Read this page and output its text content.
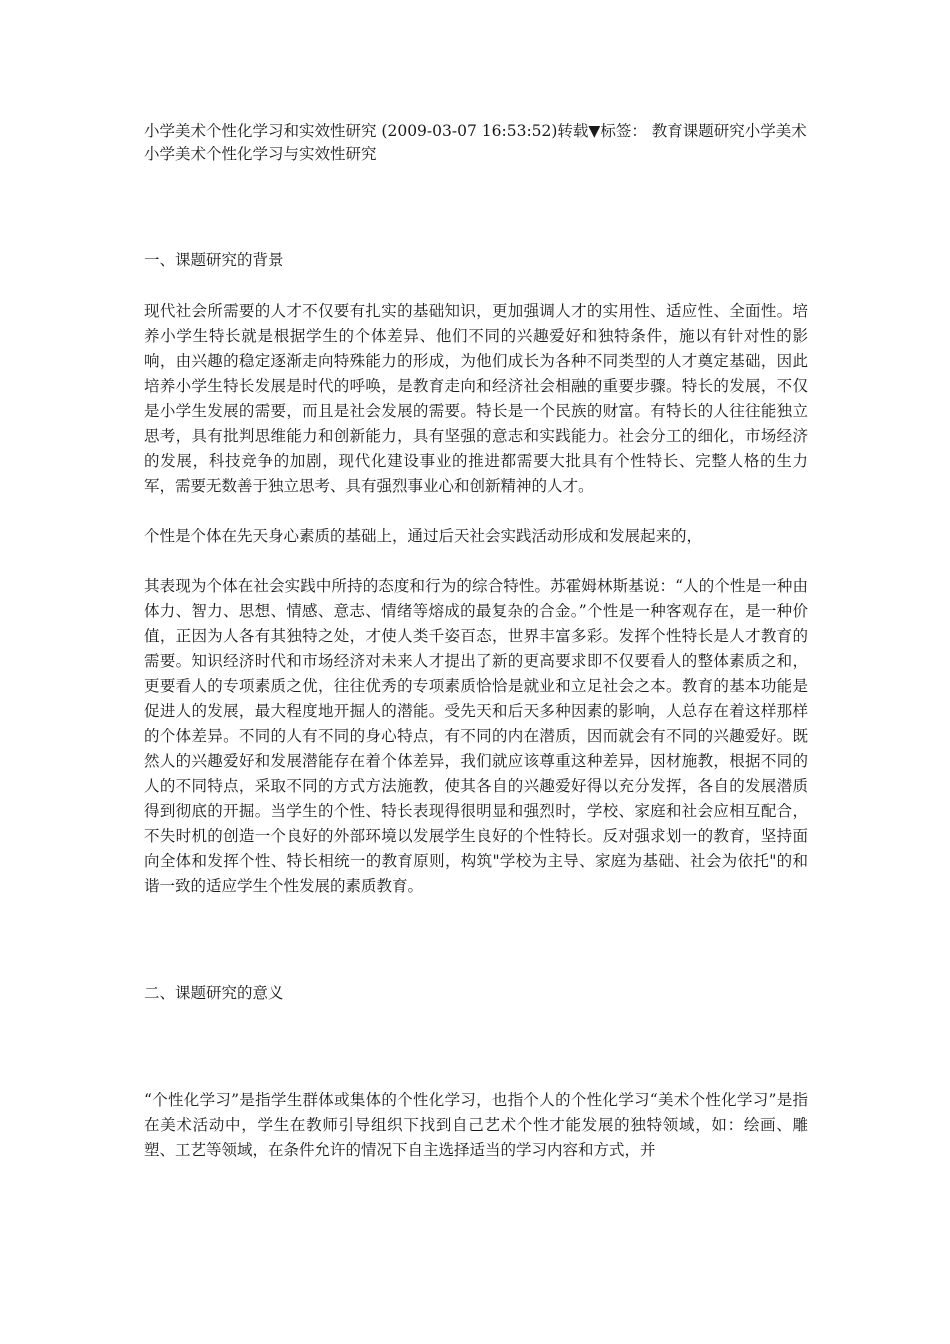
小学美术个性化学习和实效性研究 (2009-03-07 16:53:52)转载▼标签： 教育课题研究小学美术

小学美术个性化学习与实效性研究

一、课题研究的背景

现代社会所需要的人才不仅要有扎实的基础知识，更加强调人才的实用性、适应性、全面性。培养小学生特长就是根据学生的个体差异、他们不同的兴趣爱好和独特条件，施以有针对性的影响，由兴趣的稳定逐渐走向特殊能力的形成，为他们成长为各种不同类型的人才奠定基础，因此培养小学生特长发展是时代的呼唤，是教育走向和经济社会相融的重要步骤。特长的发展，不仅是小学生发展的需要，而且是社会发展的需要。特长是一个民族的财富。有特长的人往往能独立思考，具有批判思维能力和创新能力，具有坚强的意志和实践能力。社会分工的细化，市场经济的发展，科技竞争的加剧，现代化建设事业的推进都需要大批具有个性特长、完整人格的生力军，需要无数善于独立思考、具有强烈事业心和创新精神的人才。

个性是个体在先天身心素质的基础上，通过后天社会实践活动形成和发展起来的，

其表现为个体在社会实践中所持的态度和行为的综合特性。苏霍姆林斯基说：“人的个性是一种由体力、智力、思想、情感、意志、情绪等熔成的最复杂的合金。”个性是一种客观存在，是一种价值，正因为人各有其独特之处，才使人类千姿百态，世界丰富多彩。发挥个性特长是人才教育的需要。知识经济时代和市场经济对未来人才提出了新的更高要求即不仅要看人的整体素质之和，更要看人的专项素质之优，往往优秀的专项素质恰恰是就业和立足社会之本。教育的基本功能是促进人的发展，最大程度地开掘人的潜能。受先天和后天多种因素的影响，人总存在着这样那样的个体差异。不同的人有不同的身心特点，有不同的内在潜质，因而就会有不同的兴趣爱好。既然人的兴趣爱好和发展潜能存在着个体差异，我们就应该尊重这种差异，因材施教，根据不同的人的不同特点，采取不同的方式方法施教，使其各自的兴趣爱好得以充分发挥，各自的发展潜质得到彻底的开掘。当学生的个性、特长表现得很明显和强烈时，学校、家庭和社会应相互配合，不失时机的创造一个良好的外部环境以发展学生良好的个性特长。反对强求划一的教育，坚持面向全体和发挥个性、特长相统一的教育原则，构筑"学校为主导、家庭为基础、社会为依托"的和谐一致的适应学生个性发展的素质教育。

二、课题研究的意义

“个性化学习”是指学生群体或集体的个性化学习，也指个人的个性化学习“美术个性化学习”是指在美术活动中，学生在教师引导组织下找到自己艺术个性才能发展的独特领域，如：绘画、雕塑、工艺等领域，在条件允许的情况下自主选择适当的学习内容和方式，并
